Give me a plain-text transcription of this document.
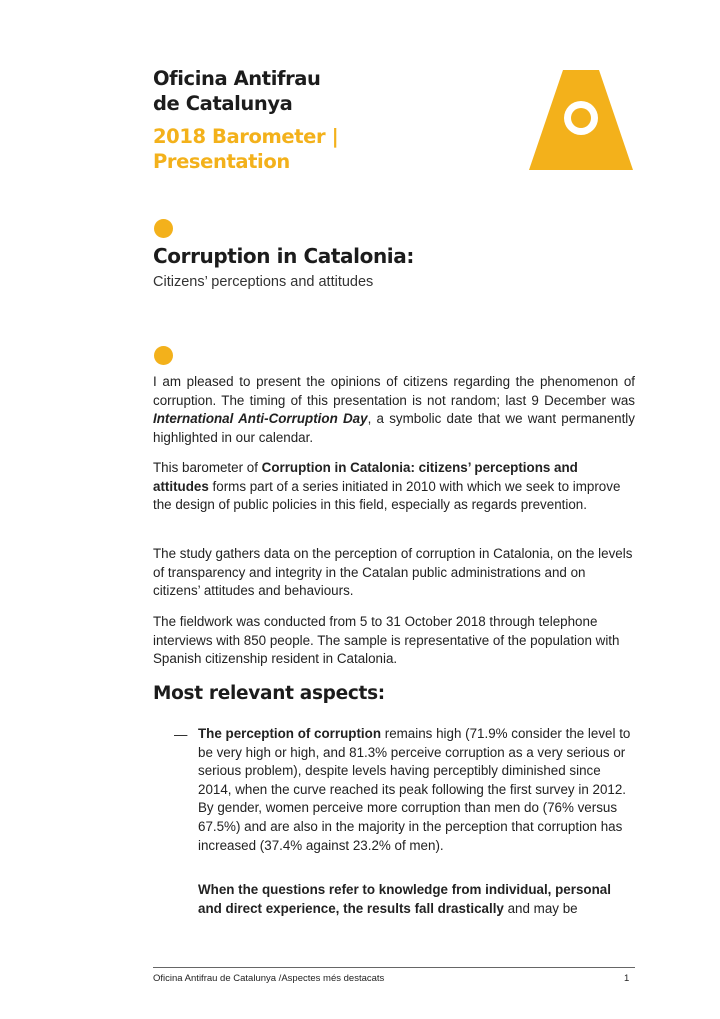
Oficina Antifrau
de Catalunya
2018 Barometer |
Presentation
Corruption in Catalonia:
Citizens’ perceptions and attitudes

I am pleased to present the opinions of citizens regarding the phenomenon of corruption. The timing of this presentation is not random; last 9 December was International Anti-Corruption Day, a symbolic date that we want permanently highlighted in our calendar.

This barometer of Corruption in Catalonia: citizens’ perceptions and attitudes forms part of a series initiated in 2010 with which we seek to improve the design of public policies in this field, especially as regards prevention.

The study gathers data on the perception of corruption in Catalonia, on the levels of transparency and integrity in the Catalan public administrations and on citizens’ attitudes and behaviours.

The fieldwork was conducted from 5 to 31 October 2018 through telephone interviews with 850 people. The sample is representative of the population with Spanish citizenship resident in Catalonia.

Most relevant aspects:
— The perception of corruption remains high (71.9% consider the level to be very high or high, and 81.3% perceive corruption as a very serious or serious problem), despite levels having perceptibly diminished since 2014, when the curve reached its peak following the first survey in 2012. By gender, women perceive more corruption than men do (76% versus 67.5%) and are also in the majority in the perception that corruption has increased (37.4% against 23.2% of men).

When the questions refer to knowledge from individual, personal and direct experience, the results fall drastically and may be

Oficina Antifrau de Catalunya /Aspectes més destacats	1
